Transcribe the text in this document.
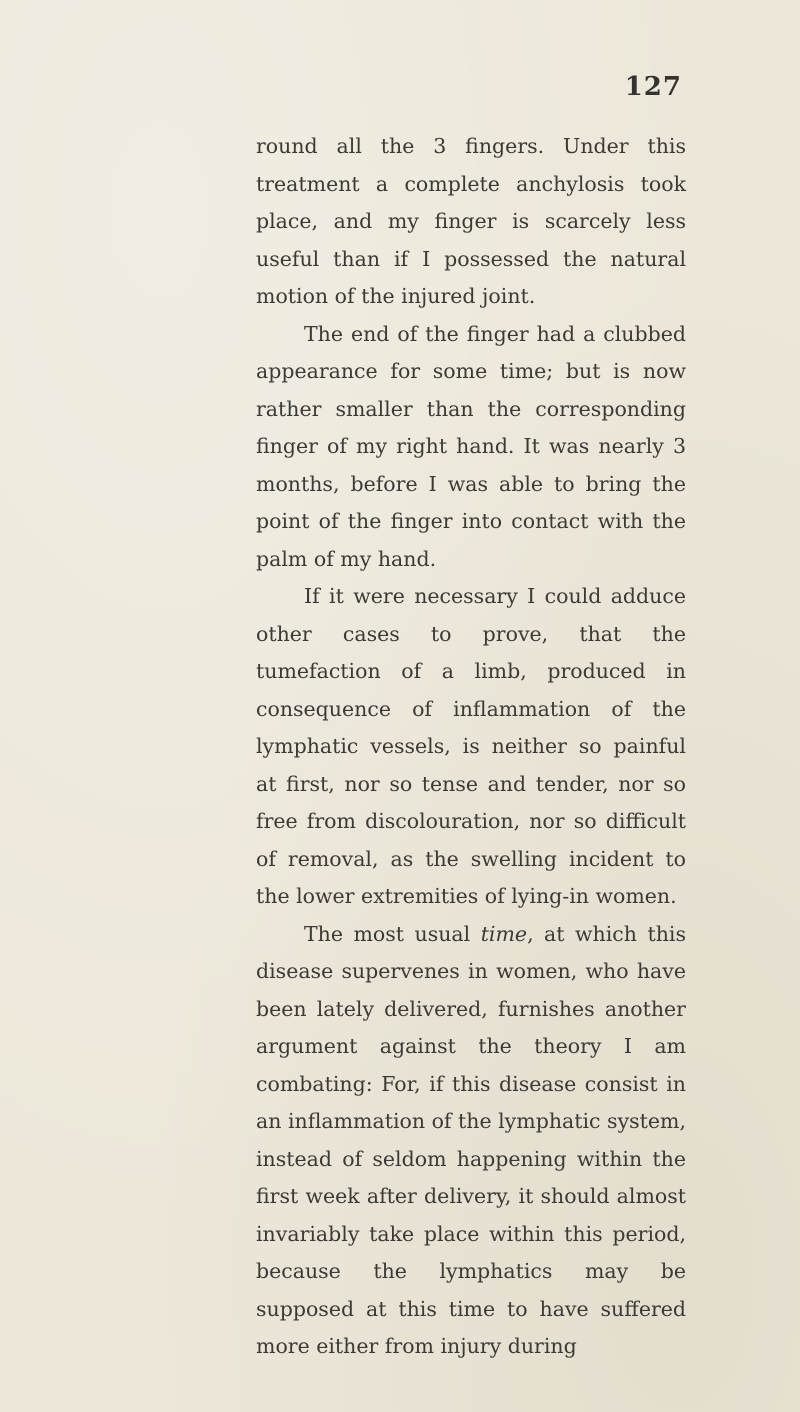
127

round all the 3 fingers. Under this treatment a complete anchylosis took place, and my finger is scarcely less useful than if I possessed the natural motion of the injured joint.

The end of the finger had a clubbed appearance for some time; but is now rather smaller than the corresponding finger of my right hand. It was nearly 3 months, before I was able to bring the point of the finger into contact with the palm of my hand.

If it were necessary I could adduce other cases to prove, that the tumefaction of a limb, produced in consequence of inflammation of the lymphatic vessels, is neither so painful at first, nor so tense and tender, nor so free from discolouration, nor so difficult of removal, as the swelling incident to the lower extremities of lying-in women.

The most usual time, at which this disease supervenes in women, who have been lately delivered, furnishes another argument against the theory I am combating: For, if this disease consist in an inflammation of the lymphatic system, instead of seldom happening within the first week after delivery, it should almost invariably take place within this period, because the lymphatics may be supposed at this time to have suffered more either from injury during
